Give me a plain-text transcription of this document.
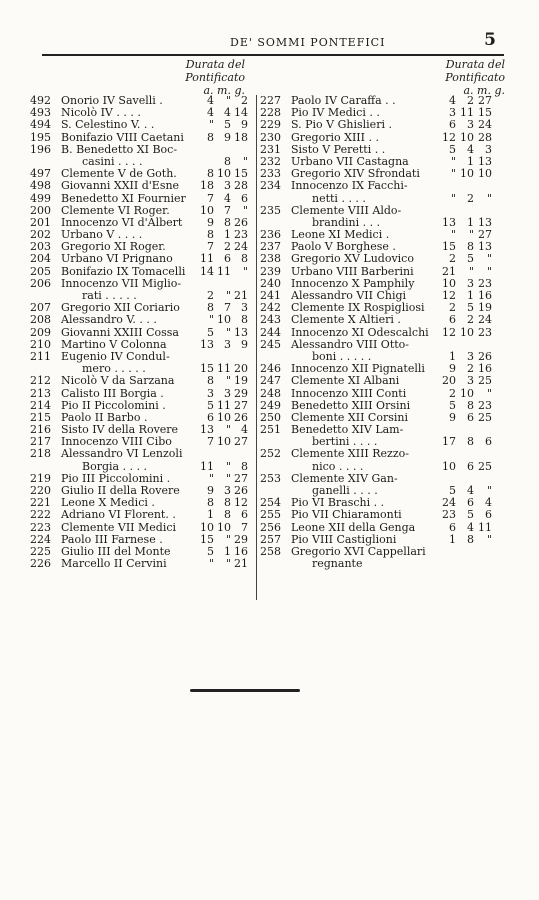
DE' SOMMI PONTEFICI	5
Durata del
Pontificato
a. m. g.
Durata del
Pontificato
a. m. g.
492 Onorio IV Savelli .	4	" 2
493 Nicolò IV . . . .	4 4 14
494 S. Celestino V. . .	" 5 9
195 Bonifazio VIII Caetani	8 9 18
196 B. Benedetto XI Boc-
casini . . . .	8	"
497 Clemente V de Goth.	8 10 15
498 Giovanni XXII d'Esne 18 3 28
499 Benedetto XI Fournier	7 4 6
200 Clemente VI Roger.	10 7	"
201 Innocenzo VI d'Albert	9 8 26
202 Urbano V . . . .	8 1 23
203 Gregorio XI Roger.	7 2 24
204 Urbano VI Prignano 11 6 8
205 Bonifazio IX Tomacelli 14 11	"
206 Innocenzo VII Miglio-
rati . . . . .	2	" 21
207 Gregorio XII Coriario	8 7 3
208 Alessandro V. . . .	" 10 8
209 Giovanni XXIII Cossa	5	" 13
210 Martino V Colonna	13 3 9
211 Eugenio IV Condul-
mero . . . . .	15 11 20
212 Nicolò V da Sarzana	8	" 19
213 Calisto III Borgia .	3 3 29
214 Pio II Piccolomini .	5 11 27
215 Paolo II Barbo .	6 10 26
216 Sisto IV della Rovere 13	" 4
217 Innocenzo VIII Cibo	7 10 27
218 Alessandro VI Lenzoli
Borgia . . . .	11	" 8
219 Pio III Piccolomini .	"	" 27
220 Giulio II della Rovere	9 3 26
221 Leone X Medici .	8 8 12
222 Adriano VI Florent. .	1 8 6
223 Clemente VII Medici 10 10 7
224 Paolo III Farnese .	15	" 29
225 Giulio III del Monte	5 1 16
226 Marcello II Cervini	"	" 21
227 Paolo IV Caraffa . .	4	2 27
228 Pio IV Medici . .	3 11 15
229 S. Pio V Ghislieri .	6	3 24
230 Gregorio XIII . .	12 10 28
231 Sisto V Peretti . .	5	4	3
232 Urbano VII Castagna	"	1 13
233 Gregorio XIV Sfrondati	" 10 10
234 Innocenzo IX Facchi-
netti . . . .	"	2	"
235 Clemente VIII Aldo-
brandini . . .	13	1 13
236 Leone XI Medici .	"	" 27
237 Paolo V Borghese .	15	8 13
238 Gregorio XV Ludovico	2	5	"
239 Urbano VIII Barberini	21	"	"
240 Innocenzo X Pamphily	10	3 23
241 Alessandro VII Chigi	12	1 16
242 Clemente IX Rospigliosi	2	5 19
243 Clemente X Altieri .	6	2 24
244 Innocenzo XI Odescalchi 12 10 23
245 Alessandro VIII Otto-
boni . . . . .	1	3 26
246 Innocenzo XII Pignatelli	9	2 16
247 Clemente XI Albani	20	3 25
248 Innocenzo XIII Conti	2 10	"
249 Benedetto XIII Orsini	5	8 23
250 Clemente XII Corsini	9	6 25
251 Benedetto XIV Lam-
bertini . . . .	17	8	6
252 Clemente XIII Rezzo-
nico . . . .	10	6 25
253 Clemente XIV Gan-
ganelli . . . .	5	4	"
254 Pio VI Braschi . .	24	6	4
255 Pio VII Chiaramonti	23	5	6
256 Leone XII della Genga	6	4 11
257 Pio VIII Castiglioni	1	8	"
258 Gregorio XVI Cappellari
regnante
